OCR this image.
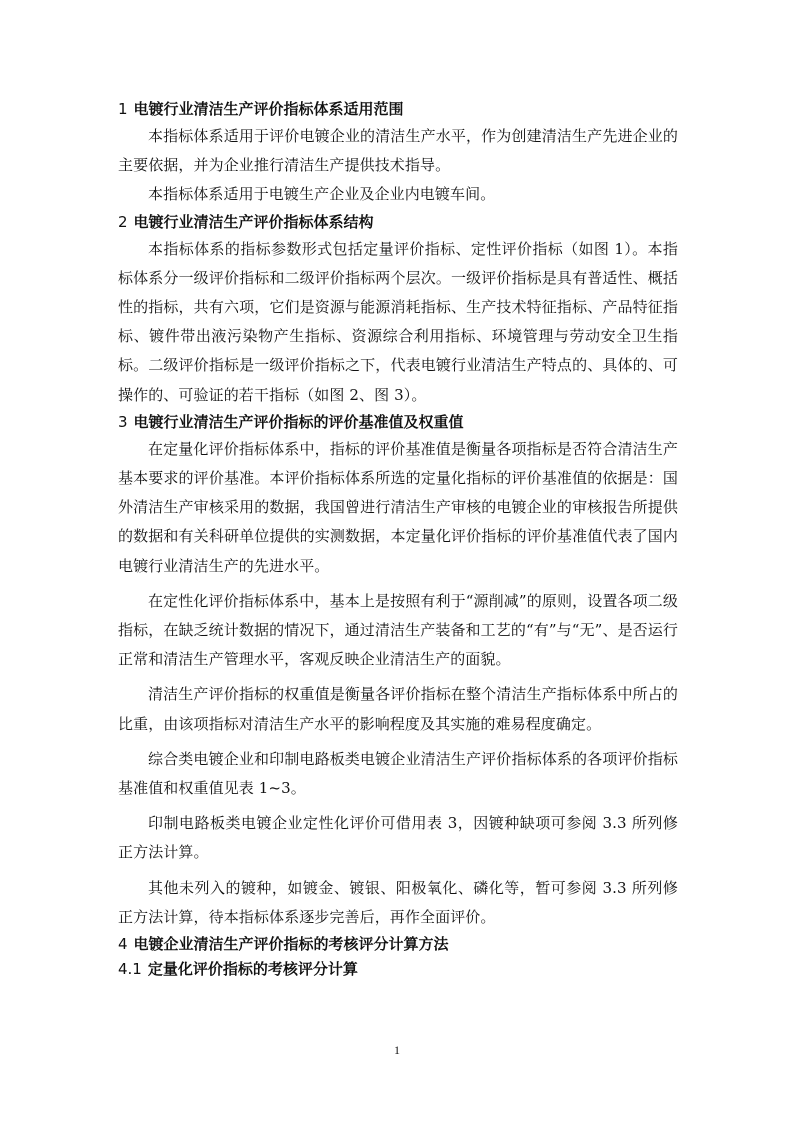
1 电镀行业清洁生产评价指标体系适用范围

本指标体系适用于评价电镀企业的清洁生产水平，作为创建清洁生产先进企业的主要依据，并为企业推行清洁生产提供技术指导。

本指标体系适用于电镀生产企业及企业内电镀车间。

2 电镀行业清洁生产评价指标体系结构

本指标体系的指标参数形式包括定量评价指标、定性评价指标（如图 1）。本指标体系分一级评价指标和二级评价指标两个层次。一级评价指标是具有普适性、概括性的指标，共有六项，它们是资源与能源消耗指标、生产技术特征指标、产品特征指标、镀件带出液污染物产生指标、资源综合利用指标、环境管理与劳动安全卫生指标。二级评价指标是一级评价指标之下，代表电镀行业清洁生产特点的、具体的、可操作的、可验证的若干指标（如图 2、图 3）。

3 电镀行业清洁生产评价指标的评价基准值及权重值

在定量化评价指标体系中，指标的评价基准值是衡量各项指标是否符合清洁生产基本要求的评价基准。本评价指标体系所选的定量化指标的评价基准值的依据是：国外清洁生产审核采用的数据，我国曾进行清洁生产审核的电镀企业的审核报告所提供的数据和有关科研单位提供的实测数据，本定量化评价指标的评价基准值代表了国内电镀行业清洁生产的先进水平。

在定性化评价指标体系中，基本上是按照有利于“源削减”的原则，设置各项二级指标，在缺乏统计数据的情况下，通过清洁生产装备和工艺的“有”与“无”、是否运行正常和清洁生产管理水平，客观反映企业清洁生产的面貌。

清洁生产评价指标的权重值是衡量各评价指标在整个清洁生产指标体系中所占的比重，由该项指标对清洁生产水平的影响程度及其实施的难易程度确定。

综合类电镀企业和印制电路板类电镀企业清洁生产评价指标体系的各项评价指标基准值和权重值见表 1~3。

印制电路板类电镀企业定性化评价可借用表 3，因镀种缺项可参阅 3.3 所列修正方法计算。

其他未列入的镀种，如镀金、镀银、阳极氧化、磷化等，暂可参阅 3.3 所列修正方法计算，待本指标体系逐步完善后，再作全面评价。

4 电镀企业清洁生产评价指标的考核评分计算方法
4.1 定量化评价指标的考核评分计算
1
